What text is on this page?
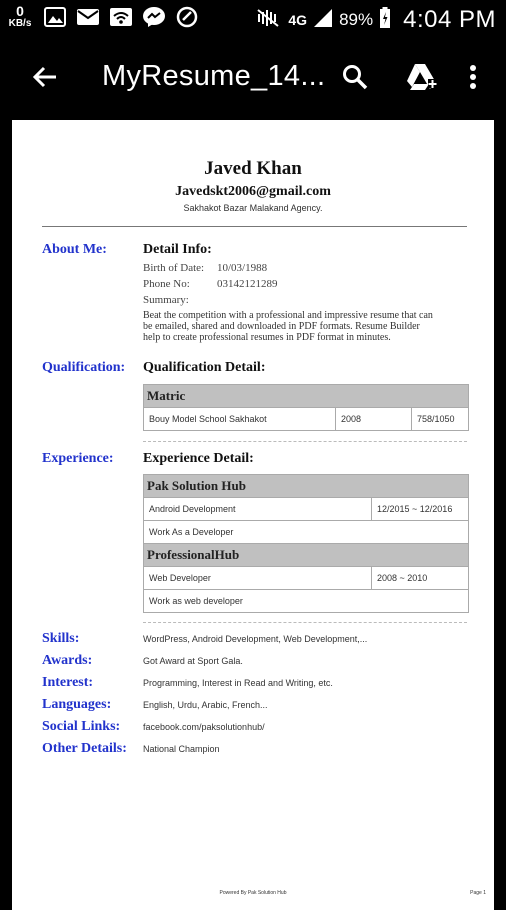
0
KB/s	4G 89% 4:04 PM
MyResume_14...
Javed Khan
Javedskt2006@gmail.com
Sakhakot Bazar Malakand Agency.
About Me:	Detail Info:
Birth of Date: 10/03/1988
Phone No: 03142121289
Summary:
Beat the competition with a professional and impressive resume that can
be emailed, shared and downloaded in PDF formats. Resume Builder
help to create professional resumes in PDF format in minutes.
Qualification: Qualification Detail:
Matric
Bouy Model School Sakhakot	2008	758/1050
Experience: Experience Detail:
Pak Solution Hub
Android Development	12/2015 ~ 12/2016
Work As a Developer
ProfessionalHub
Web Developer	2008 ~ 2010
Work as web developer
Skills:	WordPress, Android Development, Web Development,...
Awards:	Got Award at Sport Gala.
Interest:	Programming, Interest in Read and Writing, etc.
Languages:	English, Urdu, Arabic, French...
Social Links:	facebook.com/paksolutionhub/
Other Details: National Champion
Powered By Pak Solution Hub	Page 1
